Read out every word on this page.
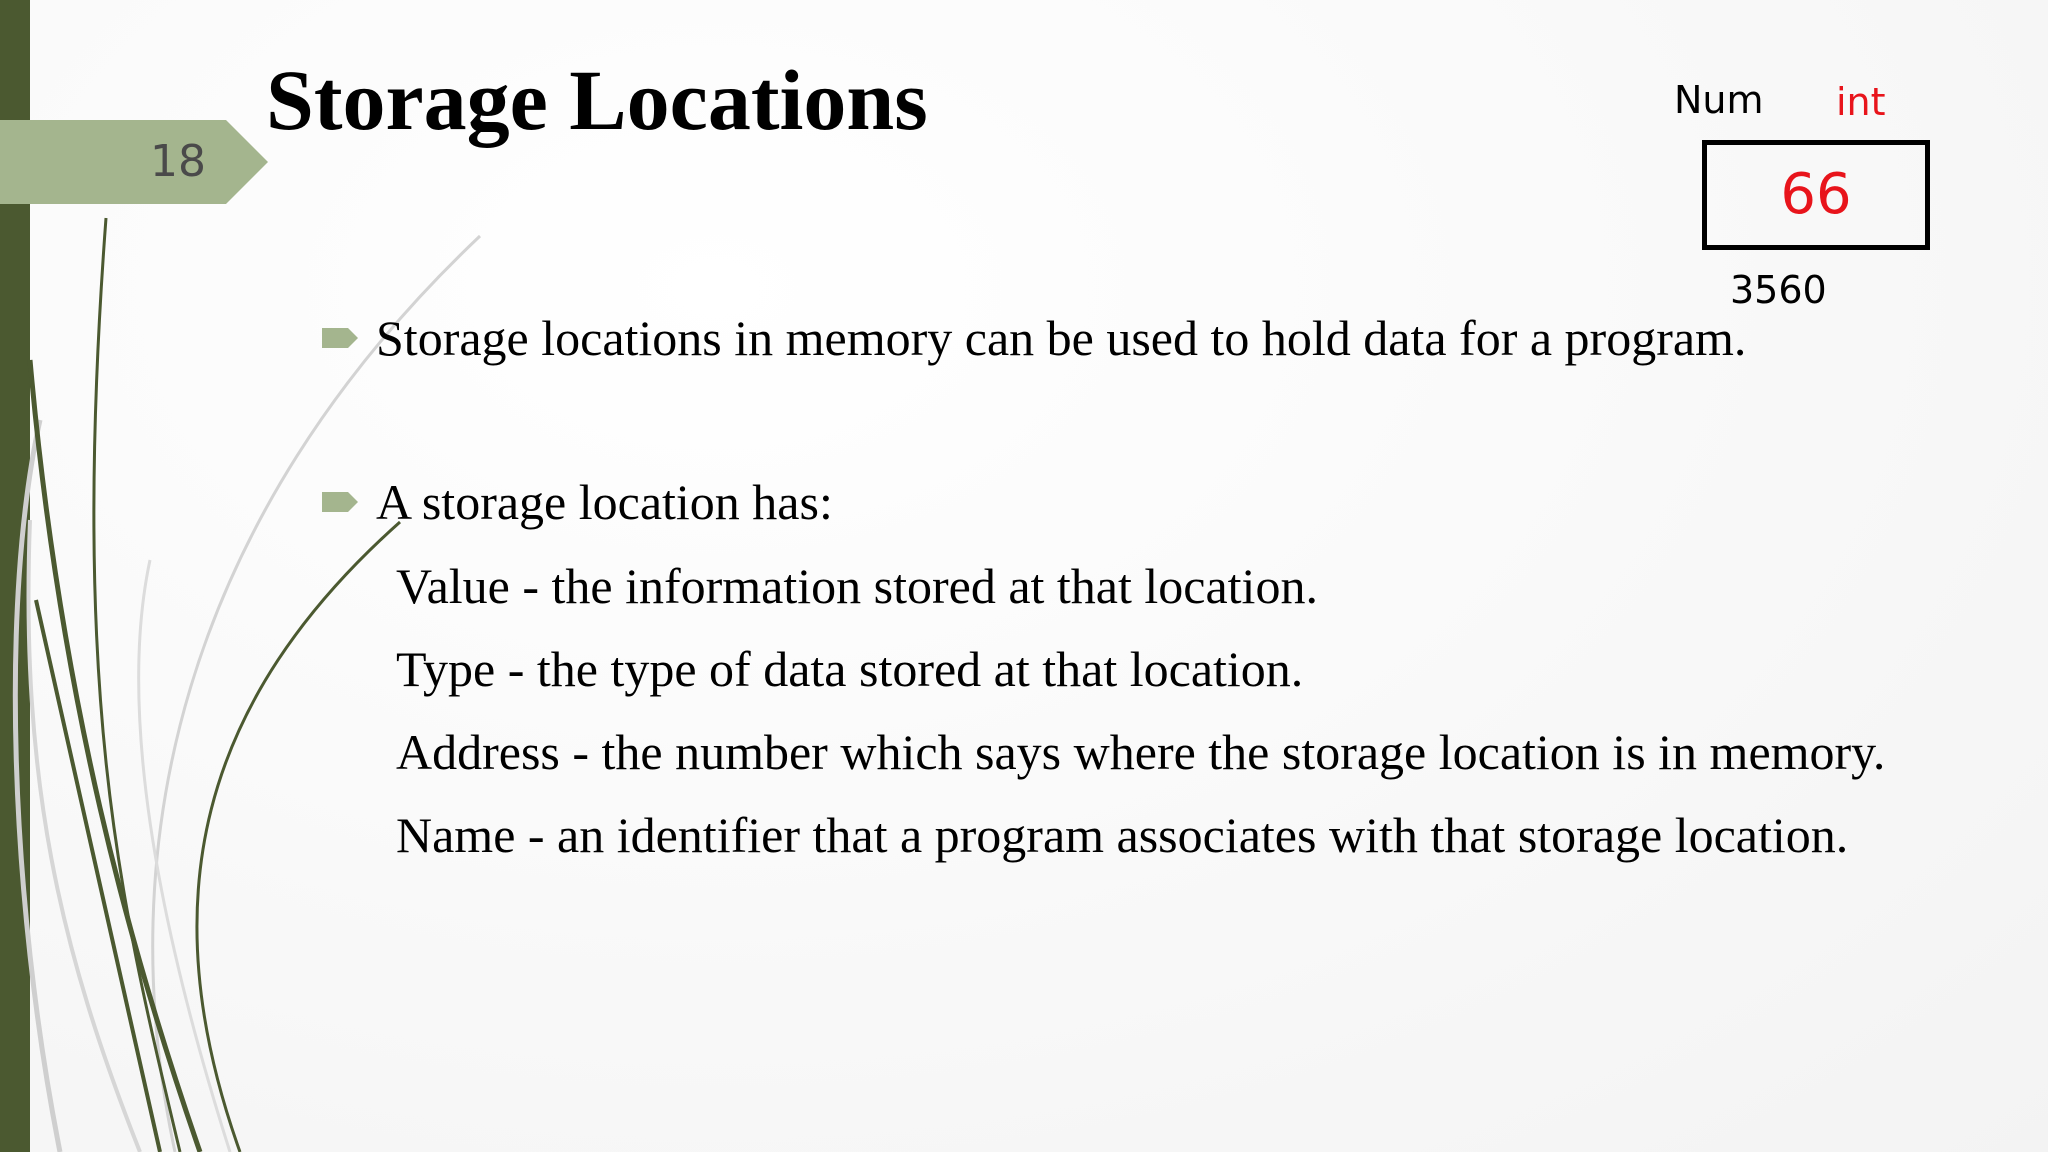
18
Storage Locations	Num int
66
3560
Storage locations in memory can be used to hold data for a program.
A storage location has:
Value - the information stored at that location.
Type - the type of data stored at that location.
Address - the number which says where the storage location is in memory.
Name - an identifier that a program associates with that storage location.
